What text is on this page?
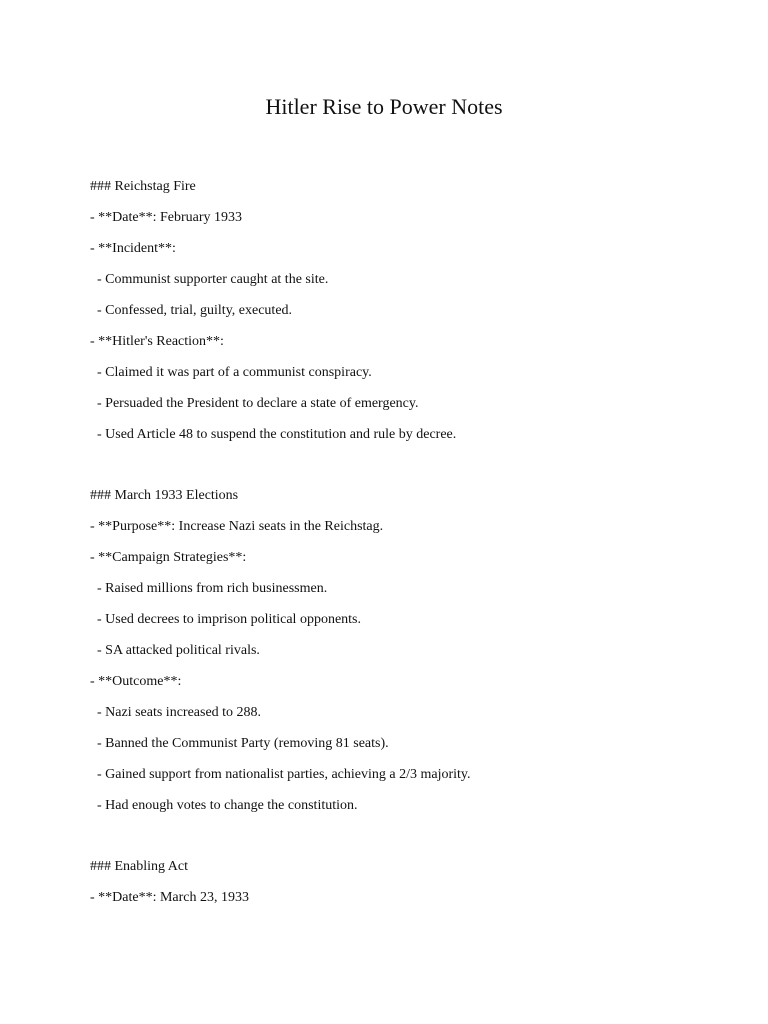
Hitler Rise to Power Notes
### Reichstag Fire
- **Date**: February 1933
- **Incident**:
- Communist supporter caught at the site.
- Confessed, trial, guilty, executed.
- **Hitler's Reaction**:
- Claimed it was part of a communist conspiracy.
- Persuaded the President to declare a state of emergency.
- Used Article 48 to suspend the constitution and rule by decree.
### March 1933 Elections
- **Purpose**: Increase Nazi seats in the Reichstag.
- **Campaign Strategies**:
- Raised millions from rich businessmen.
- Used decrees to imprison political opponents.
- SA attacked political rivals.
- **Outcome**:
- Nazi seats increased to 288.
- Banned the Communist Party (removing 81 seats).
- Gained support from nationalist parties, achieving a 2/3 majority.
- Had enough votes to change the constitution.
### Enabling Act
- **Date**: March 23, 1933
